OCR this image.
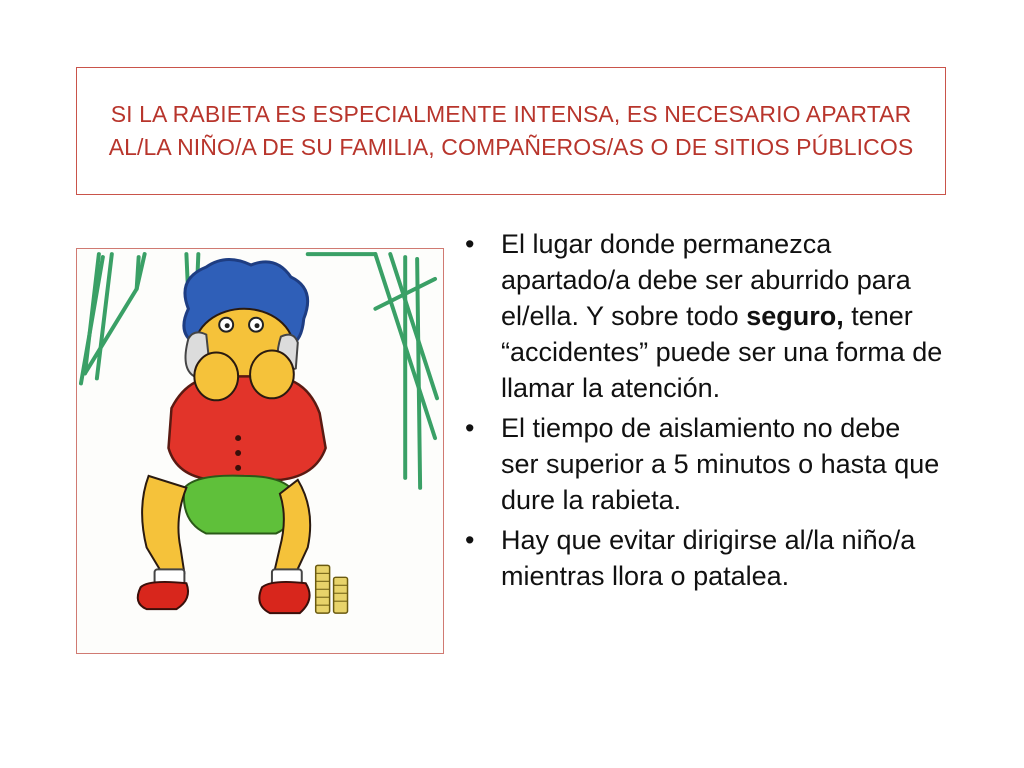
SI LA RABIETA ES ESPECIALMENTE INTENSA, ES NECESARIO APARTAR AL/LA NIÑO/A DE SU FAMILIA, COMPAÑEROS/AS O DE SITIOS PÚBLICOS
• El lugar donde permanezca apartado/a debe ser aburrido para el/ella. Y sobre todo seguro, tener “accidentes” puede ser una forma de llamar la atención.
• El tiempo de aislamiento no debe ser superior a 5 minutos o hasta que dure la rabieta.
• Hay que evitar dirigirse al/la niño/a mientras llora o patalea.
